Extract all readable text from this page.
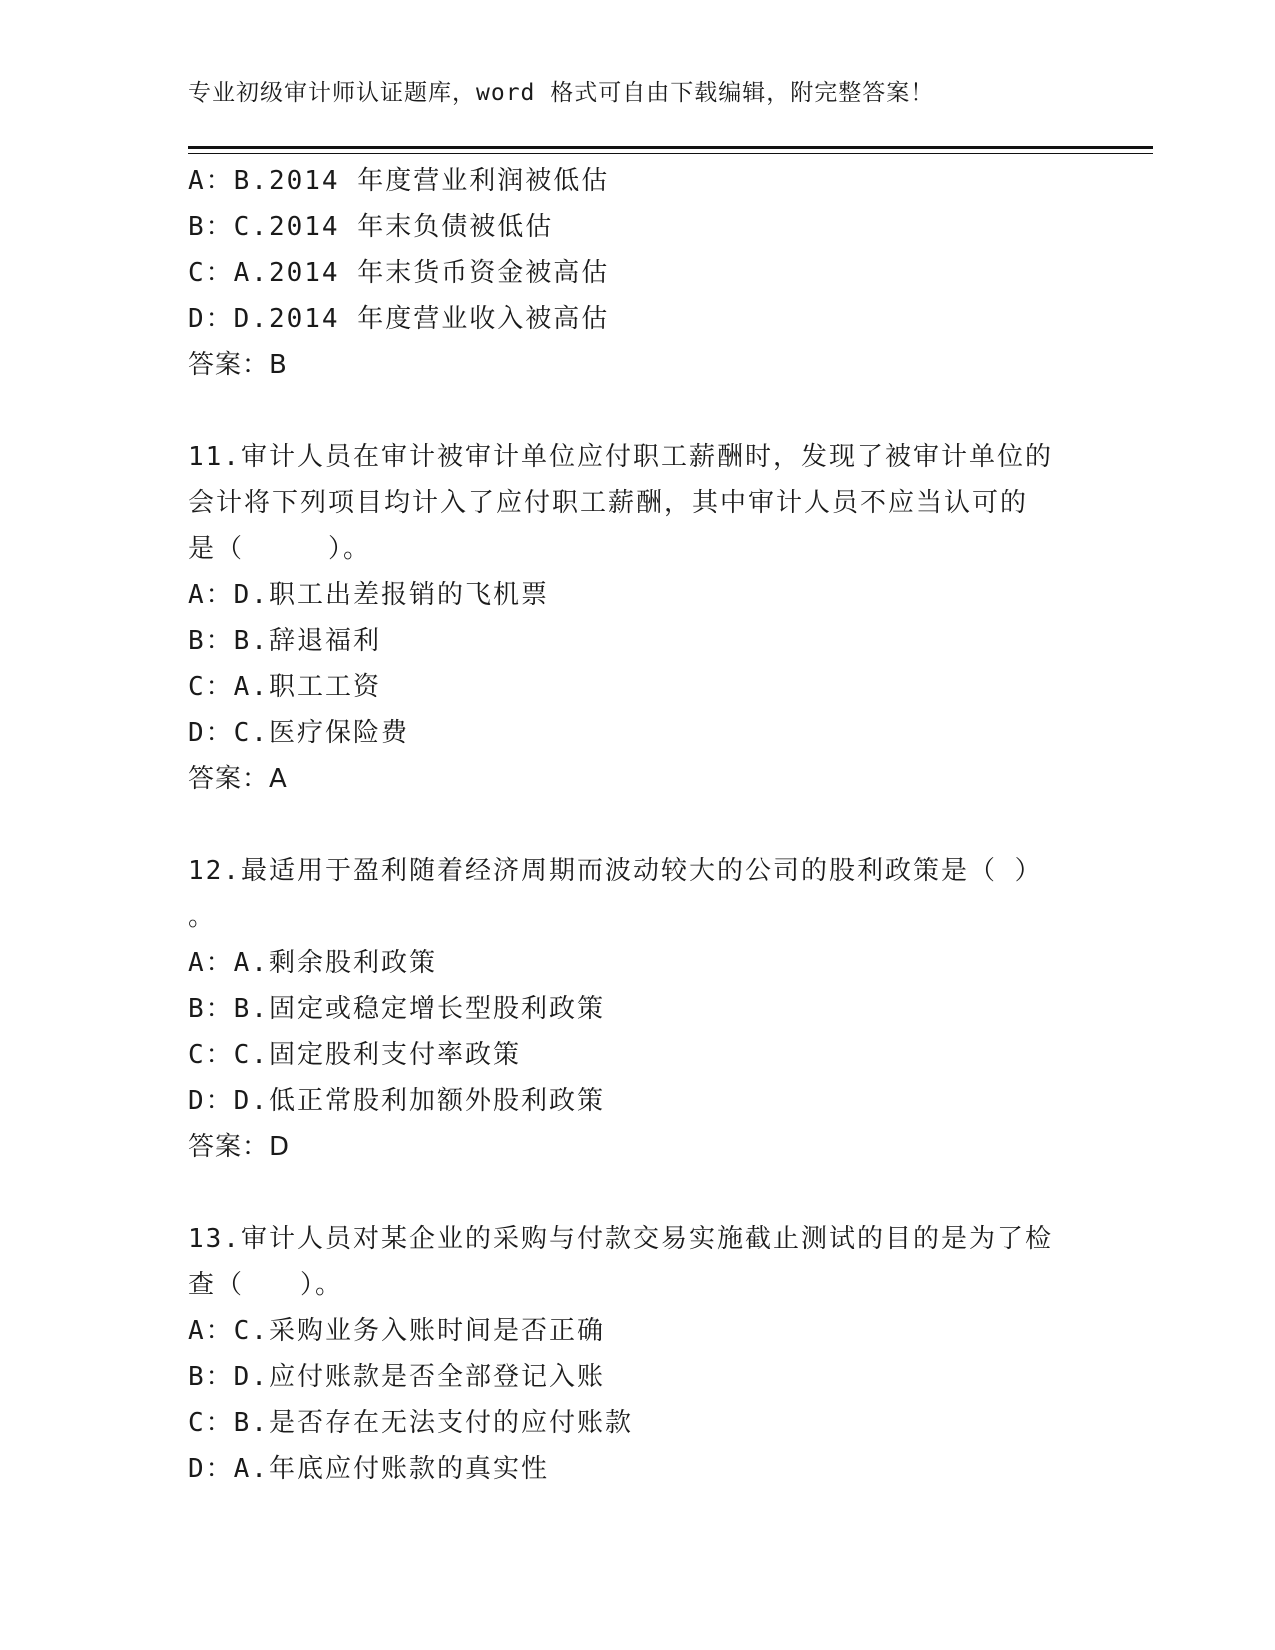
专业初级审计师认证题库，word 格式可自由下载编辑，附完整答案！
A：B.2014 年度营业利润被低估
B：C.2014 年末负债被低估
C：A.2014 年末货币资金被高估
D：D.2014 年度营业收入被高估
答案：B
11.审计人员在审计被审计单位应付职工薪酬时，发现了被审计单位的
会计将下列项目均计入了应付职工薪酬，其中审计人员不应当认可的
是（　　　）。
A：D.职工出差报销的飞机票
B：B.辞退福利
C：A.职工工资
D：C.医疗保险费
答案：A
12.最适用于盈利随着经济周期而波动较大的公司的股利政策是（ ）
。
A：A.剩余股利政策
B：B.固定或稳定增长型股利政策
C：C.固定股利支付率政策
D：D.低正常股利加额外股利政策
答案：D
13.审计人员对某企业的采购与付款交易实施截止测试的目的是为了检
查（　　）。
A：C.采购业务入账时间是否正确
B：D.应付账款是否全部登记入账
C：B.是否存在无法支付的应付账款
D：A.年底应付账款的真实性
